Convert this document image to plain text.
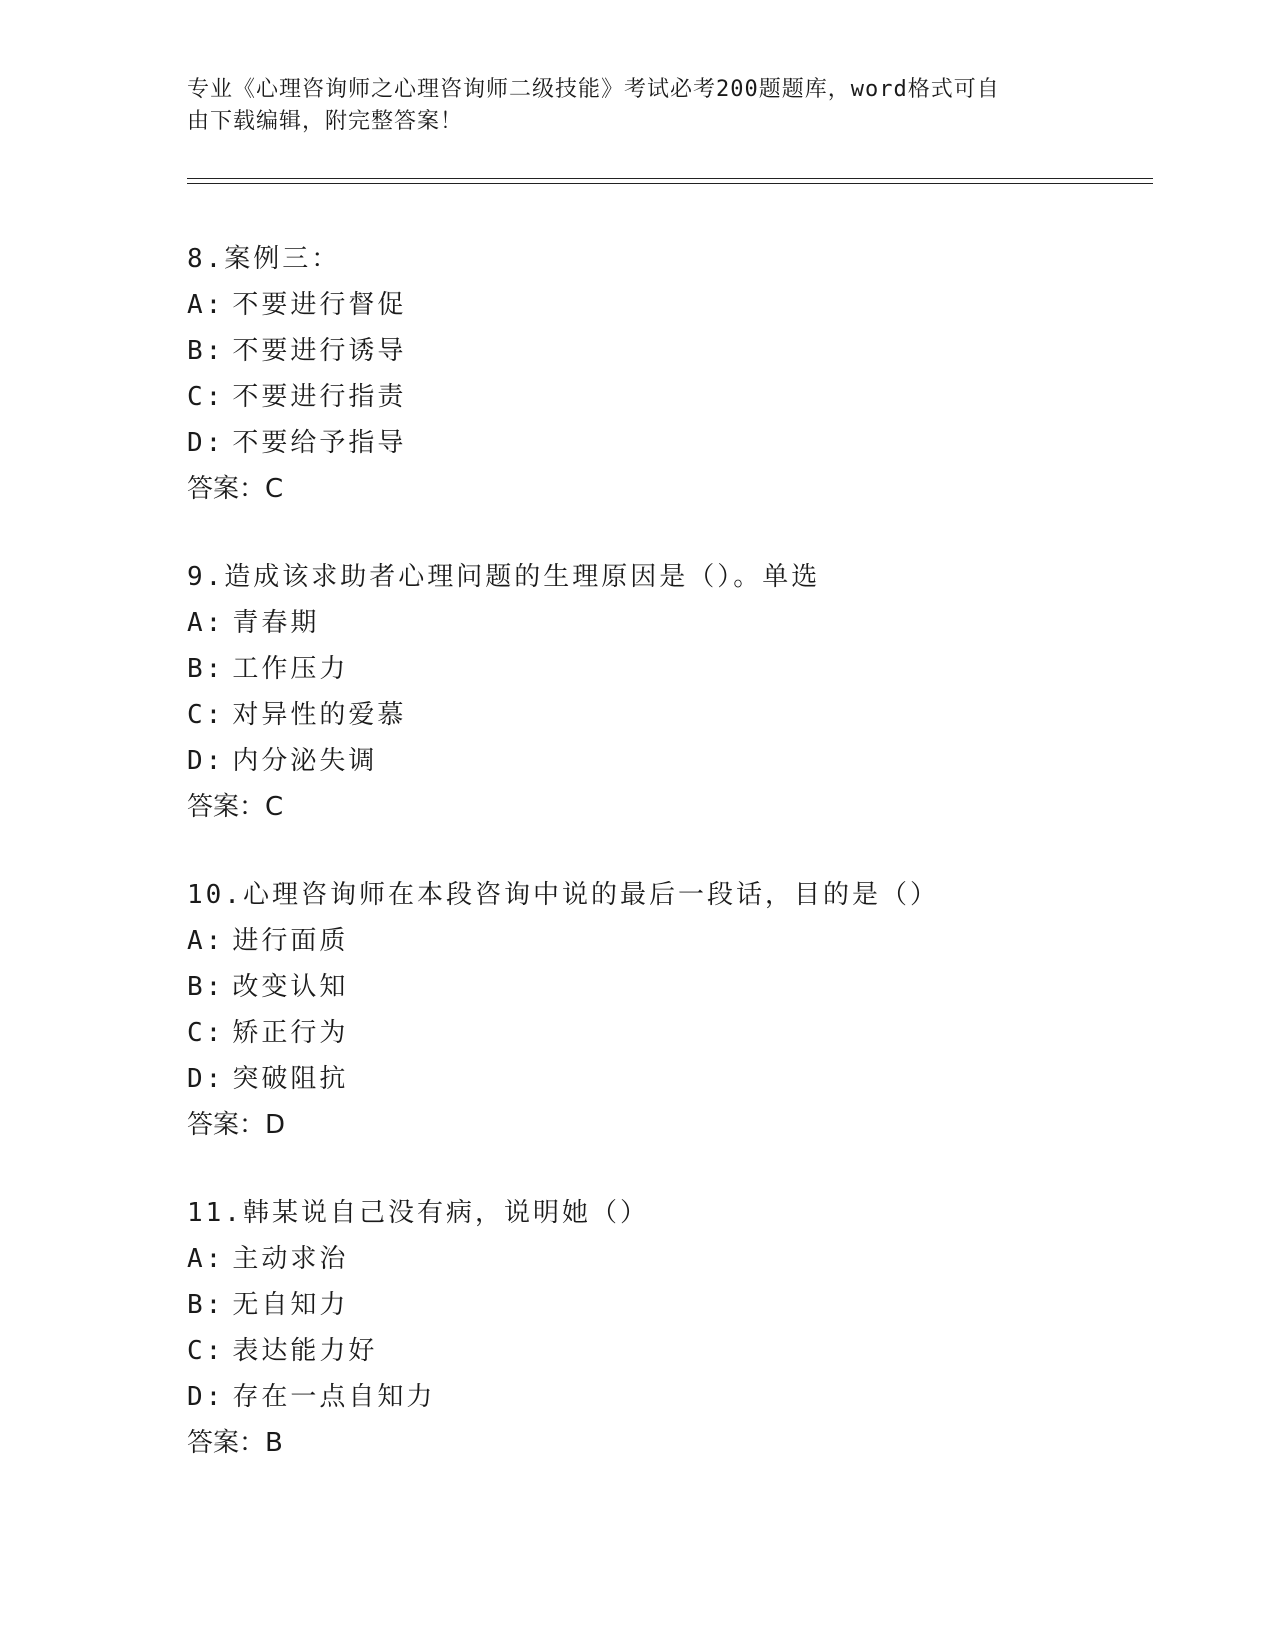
专业《心理咨询师之心理咨询师二级技能》考试必考200题题库，word格式可自
由下载编辑，附完整答案！
8.案例三：
A: 不要进行督促
B: 不要进行诱导
C: 不要进行指责
D: 不要给予指导
答案：C
9.造成该求助者心理问题的生理原因是（）。单选
A: 青春期
B: 工作压力
C: 对异性的爱慕
D: 内分泌失调
答案：C
10.心理咨询师在本段咨询中说的最后一段话，目的是（）
A: 进行面质
B: 改变认知
C: 矫正行为
D: 突破阻抗
答案：D
11.韩某说自己没有病，说明她（）
A: 主动求治
B: 无自知力
C: 表达能力好
D: 存在一点自知力
答案：B
